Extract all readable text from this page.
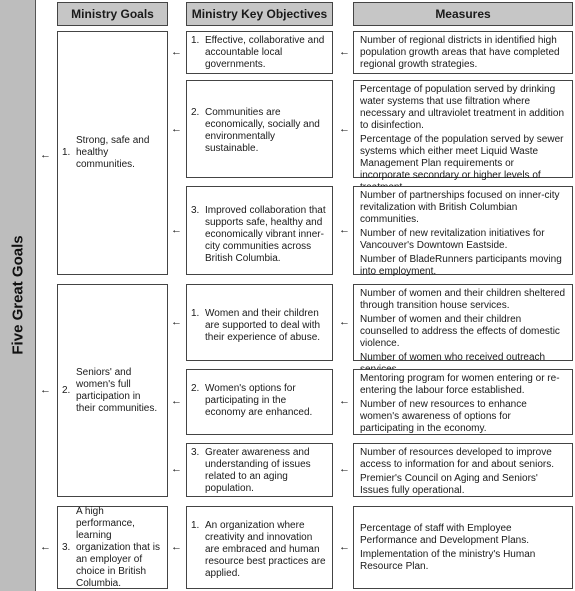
Five Great Goals
Ministry Goals	Ministry Key Objectives	Measures
1.
Strong, safe and healthy communities.
2.
Seniors' and women's full participation in their communities.
3.
A high performance, learning organization that is an employer of choice in British Columbia.
1. Effective, collaborative and accountable local governments.
2. Communities are economically, socially and environmentally sustainable.
3. Improved collaboration that supports safe, healthy and economically vibrant inner-city communities across British Columbia.
1. Women and their children are supported to deal with their experience of abuse.
2. Women's options for participating in the economy are enhanced.
3. Greater awareness and understanding of issues related to an aging population.
1. An organization where creativity and innovation are embraced and human resource best practices are applied.

Number of regional districts in identified high population growth areas that have completed regional growth strategies.

Percentage of population served by drinking water systems that use filtration where necessary and ultraviolet treatment in addition to disinfection.

Percentage of the population served by sewer systems which either meet Liquid Waste Management Plan requirements or incorporate secondary or higher levels of

Number of partnerships focused on inner-city revitalization with British Columbian communities.

Number of new revitalization initiatives for Vancouver's Downtown Eastside.

Number of BladeRunners participants moving into employment.

Number of women and their children sheltered through transition house services.

Number of women and their children counselled to address the effects of domestic violence.

Number of women who received outreach

Mentoring program for women entering or re-entering the labour force established.

Number of new resources to enhance women's awareness of options for participating in the economy.

Number of resources developed to improve access to information for and about seniors.

Premier's Council on Aging and Seniors' Issues fully operational.

Percentage of staff with Employee Performance and Development Plans.

Implementation of the ministry's Human Resource Plan.

←
←
←
←
←
←
←
←
←
←
←
←
←
←
←
←
←
